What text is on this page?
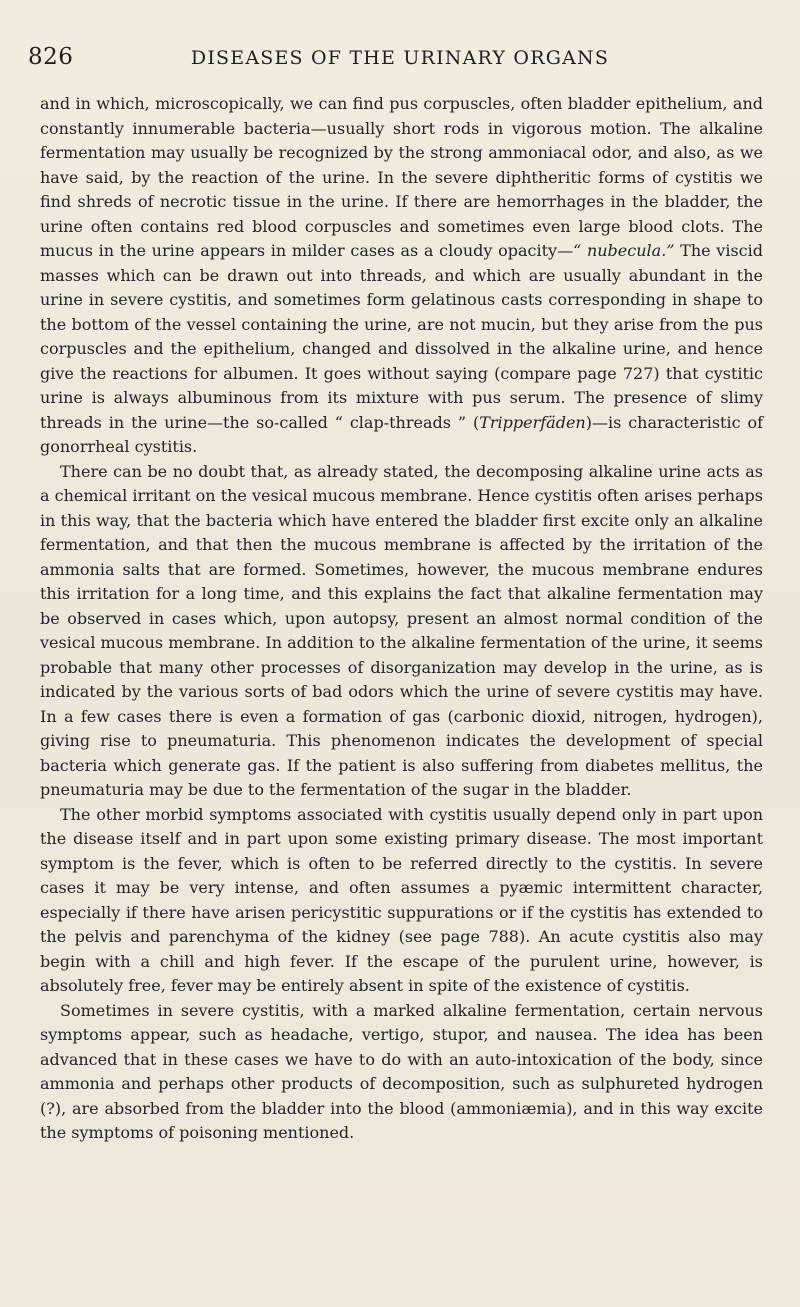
826	DISEASES OF THE URINARY ORGANS

and in which, microscopically, we can find pus corpuscles, often bladder epithelium, and constantly innumerable bacteria—usually short rods in vigorous motion. The alkaline fermentation may usually be recognized by the strong ammoniacal odor, and also, as we have said, by the reaction of the urine. In the severe diphtheritic forms of cystitis we find shreds of necrotic tissue in the urine. If there are hemorrhages in the bladder, the urine often contains red blood corpuscles and sometimes even large blood clots. The mucus in the urine appears in milder cases as a cloudy opacity—“ nubecula.” The viscid masses which can be drawn out into threads, and which are usually abundant in the urine in severe cystitis, and sometimes form gelatinous casts corresponding in shape to the bottom of the vessel containing the urine, are not mucin, but they arise from the pus corpuscles and the epithelium, changed and dissolved in the alkaline urine, and hence give the reactions for albumen. It goes without saying (compare page 727) that cystitic urine is always albuminous from its mixture with pus serum. The presence of slimy threads in the urine—the so-called “ clap-threads ” (Tripperfäden)—is characteristic of gonorrheal cystitis.

There can be no doubt that, as already stated, the decomposing alkaline urine acts as a chemical irritant on the vesical mucous membrane. Hence cystitis often arises perhaps in this way, that the bacteria which have entered the bladder first excite only an alkaline fermentation, and that then the mucous membrane is affected by the irritation of the ammonia salts that are formed. Sometimes, however, the mucous membrane endures this irritation for a long time, and this explains the fact that alkaline fermentation may be observed in cases which, upon autopsy, present an almost normal condition of the vesical mucous membrane. In addition to the alkaline fermentation of the urine, it seems probable that many other processes of disorganization may develop in the urine, as is indicated by the various sorts of bad odors which the urine of severe cystitis may have. In a few cases there is even a formation of gas (carbonic dioxid, nitrogen, hydrogen), giving rise to pneumaturia. This phenomenon indicates the development of special bacteria which generate gas. If the patient is also suffering from diabetes mellitus, the pneumaturia may be due to the fermentation of the sugar in the bladder.

The other morbid symptoms associated with cystitis usually depend only in part upon the disease itself and in part upon some existing primary disease. The most important symptom is the fever, which is often to be referred directly to the cystitis. In severe cases it may be very intense, and often assumes a pyæmic intermittent character, especially if there have arisen pericystitic suppurations or if the cystitis has extended to the pelvis and parenchyma of the kidney (see page 788). An acute cystitis also may begin with a chill and high fever. If the escape of the purulent urine, however, is absolutely free, fever may be entirely absent in spite of the existence of cystitis.

Sometimes in severe cystitis, with a marked alkaline fermentation, certain nervous symptoms appear, such as headache, vertigo, stupor, and nausea. The idea has been advanced that in these cases we have to do with an auto-intoxication of the body, since ammonia and perhaps other products of decomposition, such as sulphureted hydrogen (?), are absorbed from the bladder into the blood (ammoniæmia), and in this way excite the symptoms of poisoning mentioned.
